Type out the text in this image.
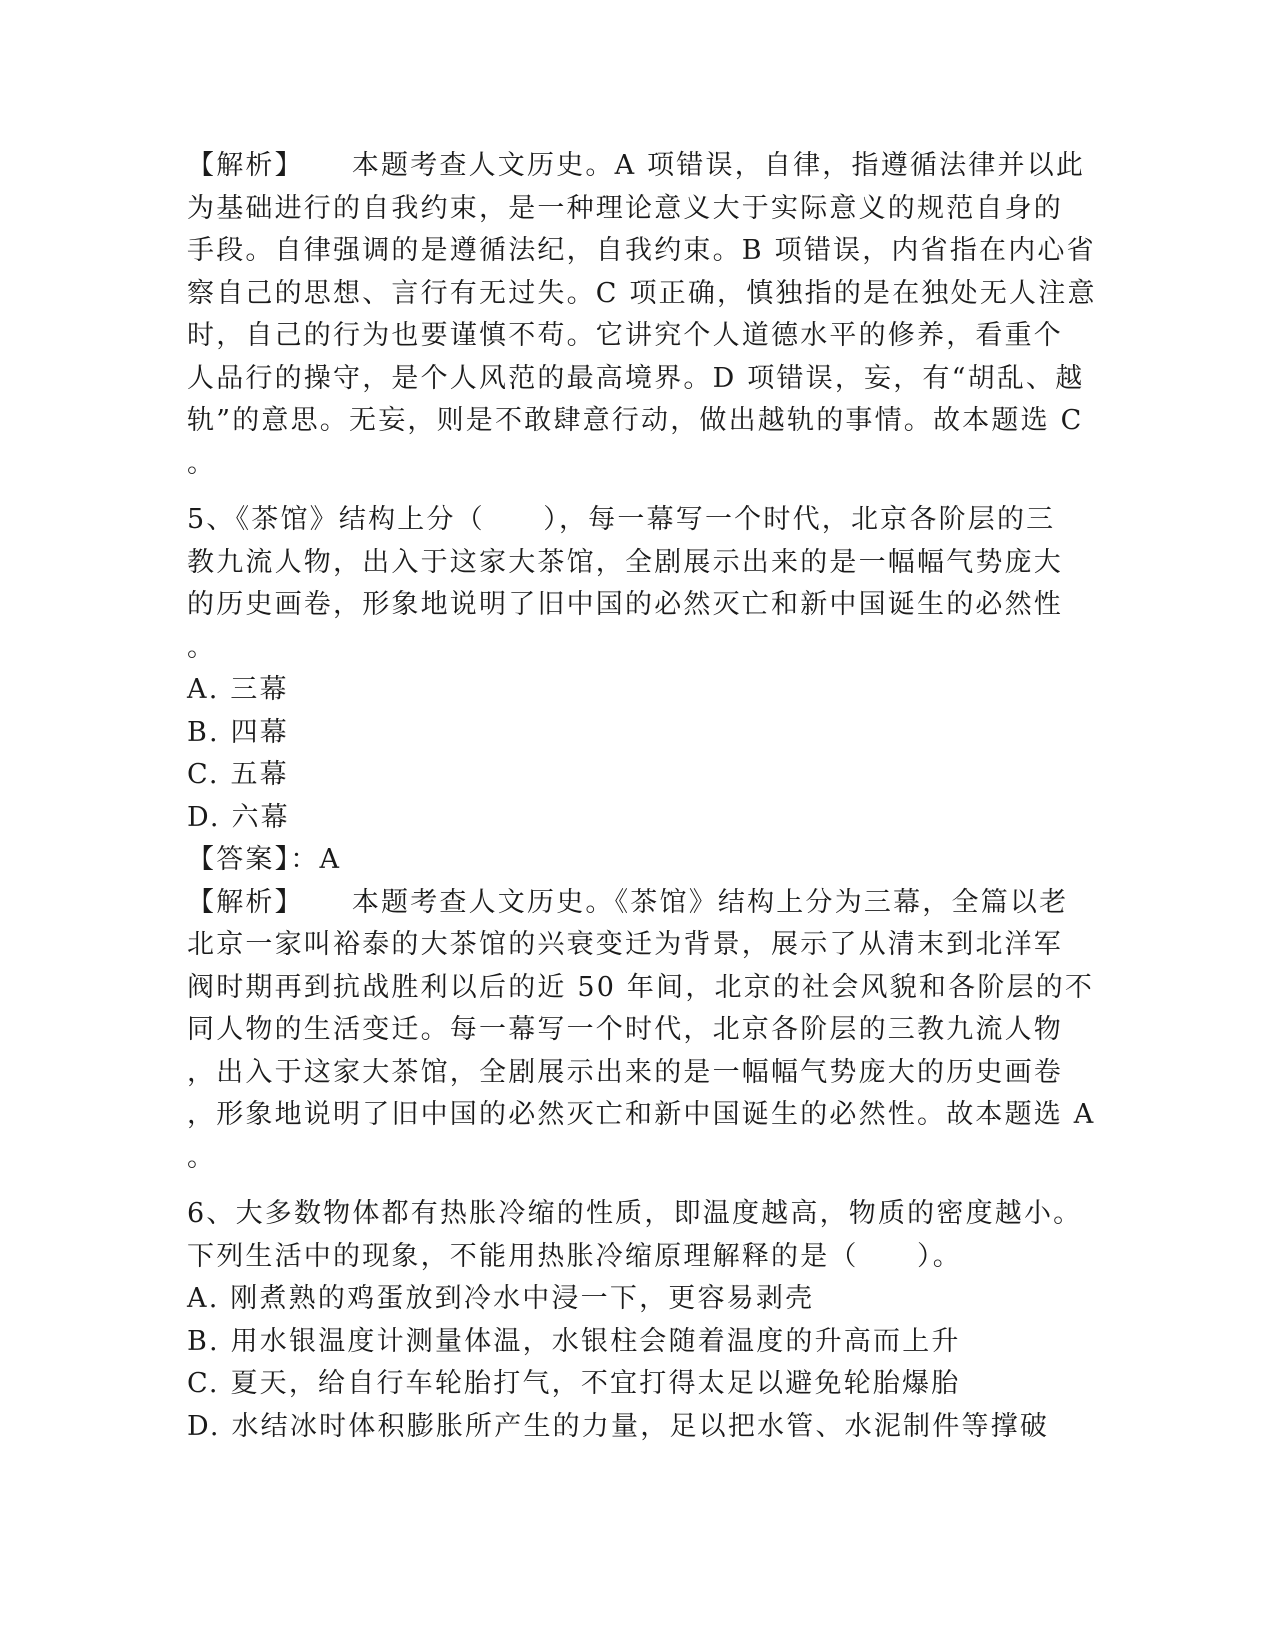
【解析】 本题考查人文历史。A 项错误，自律，指遵循法律并以此
为基础进行的自我约束，是一种理论意义大于实际意义的规范自身的
手段。自律强调的是遵循法纪，自我约束。B 项错误，内省指在内心省
察自己的思想、言行有无过失。C 项正确，慎独指的是在独处无人注意
时，自己的行为也要谨慎不苟。它讲究个人道德水平的修养，看重个
人品行的操守，是个人风范的最高境界。D 项错误，妄，有“胡乱、越
轨”的意思。无妄，则是不敢肆意行动，做出越轨的事情。故本题选 C
。
5、《茶馆》结构上分（　　），每一幕写一个时代，北京各阶层的三
教九流人物，出入于这家大茶馆，全剧展示出来的是一幅幅气势庞大
的历史画卷，形象地说明了旧中国的必然灭亡和新中国诞生的必然性
。
A. 三幕
B. 四幕
C. 五幕
D. 六幕
【答案】：A
【解析】 本题考查人文历史。《茶馆》结构上分为三幕，全篇以老
北京一家叫裕泰的大茶馆的兴衰变迁为背景，展示了从清末到北洋军
阀时期再到抗战胜利以后的近 50 年间，北京的社会风貌和各阶层的不
同人物的生活变迁。每一幕写一个时代，北京各阶层的三教九流人物
，出入于这家大茶馆，全剧展示出来的是一幅幅气势庞大的历史画卷
，形象地说明了旧中国的必然灭亡和新中国诞生的必然性。故本题选 A
。
6、大多数物体都有热胀冷缩的性质，即温度越高，物质的密度越小。
下列生活中的现象，不能用热胀冷缩原理解释的是（　　）。
A. 刚煮熟的鸡蛋放到冷水中浸一下，更容易剥壳
B. 用水银温度计测量体温，水银柱会随着温度的升高而上升
C. 夏天，给自行车轮胎打气，不宜打得太足以避免轮胎爆胎
D. 水结冰时体积膨胀所产生的力量，足以把水管、水泥制件等撑破
